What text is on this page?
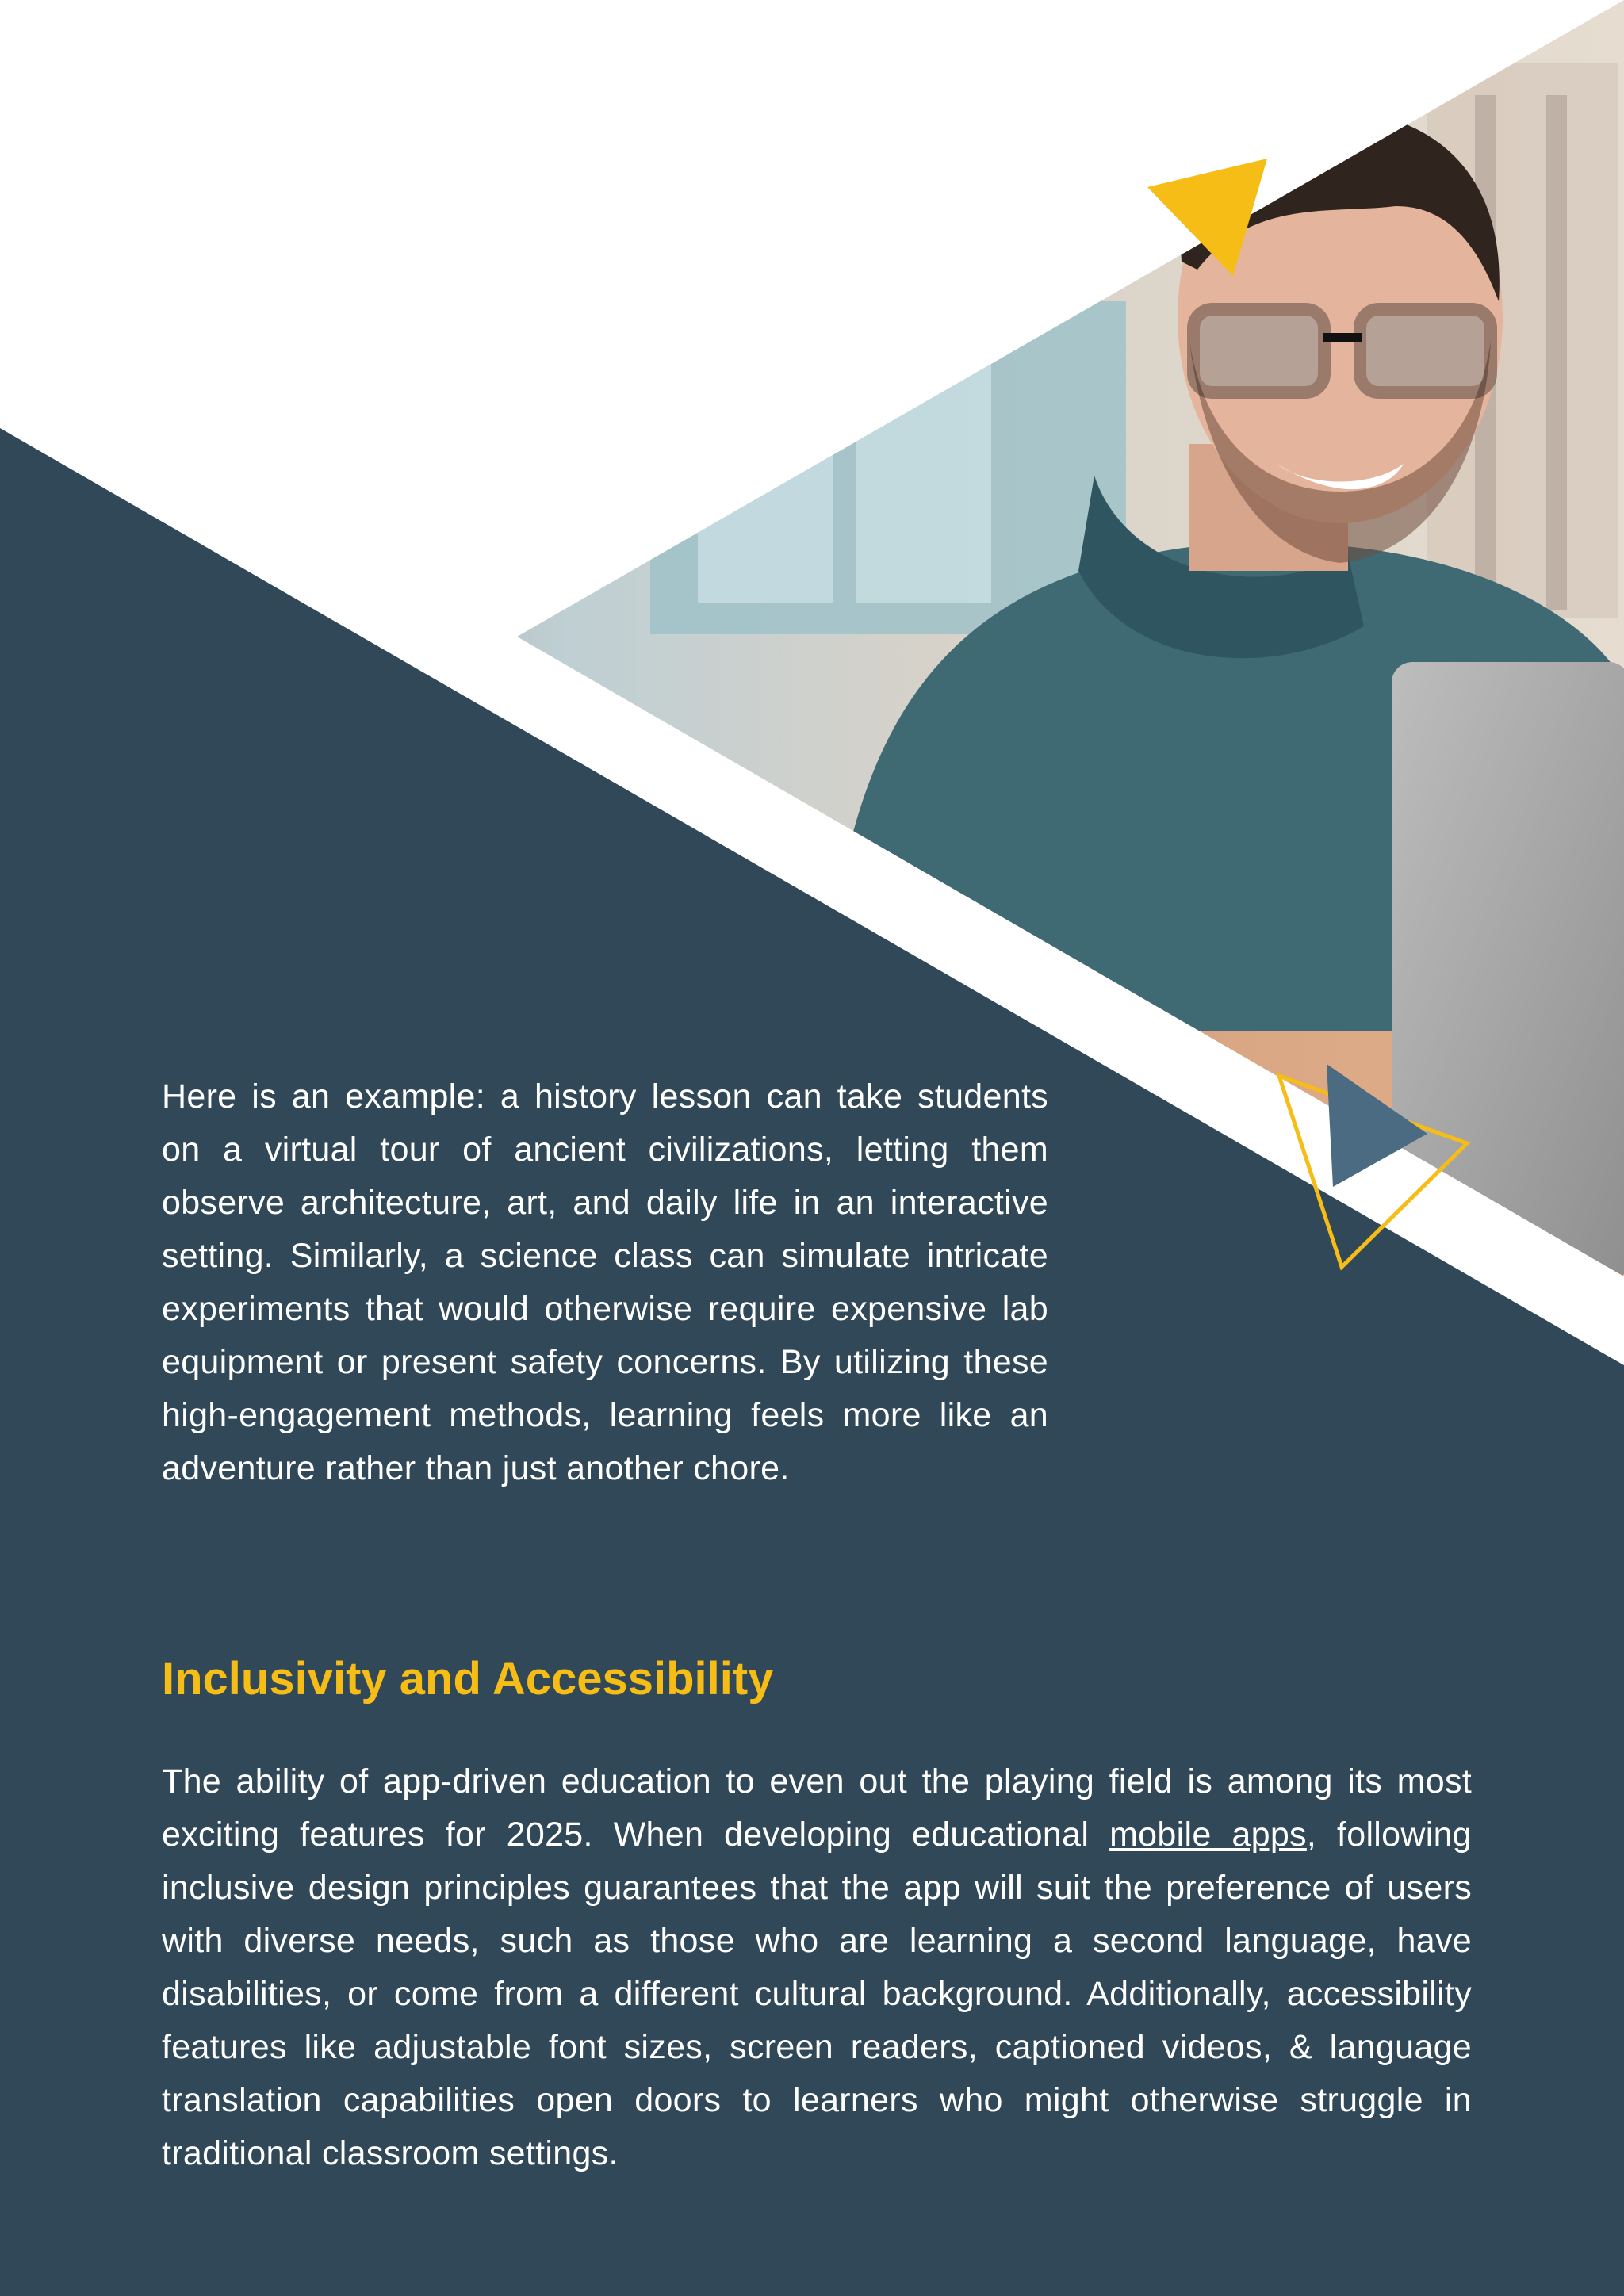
Here is an example: a history lesson can take students on a virtual tour of ancient civilizations, letting them observe architecture, art, and daily life in an interactive setting. Similarly, a science class can simulate intricate experiments that would otherwise require expensive lab equipment or present safety concerns. By utilizing these high-engagement methods, learning feels more like an adventure rather than just another chore.

Inclusivity and Accessibility

The ability of app-driven education to even out the playing field is among its most exciting features for 2025. When developing educational mobile apps, following inclusive design principles guarantees that the app will suit the preference of users with diverse needs, such as those who are learning a second language, have disabilities, or come from a different cultural background. Additionally, accessibility features like adjustable font sizes, screen readers, captioned videos, & language translation capabilities open doors to learners who might otherwise struggle in traditional classroom settings.
